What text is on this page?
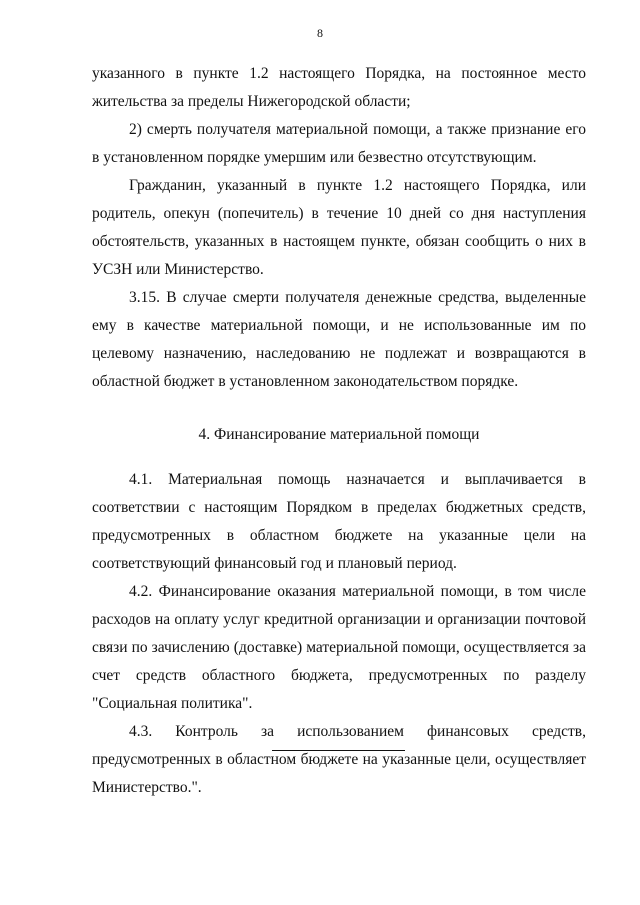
8

указанного в пункте 1.2 настоящего Порядка, на постоянное место жительства за пределы Нижегородской области;

2) смерть получателя материальной помощи, а также признание его в установленном порядке умершим или безвестно отсутствующим.

Гражданин, указанный в пункте 1.2 настоящего Порядка, или родитель, опекун (попечитель) в течение 10 дней со дня наступления обстоятельств, указанных в настоящем пункте, обязан сообщить о них в УСЗН или Министерство.

3.15. В случае смерти получателя денежные средства, выделенные ему в качестве материальной помощи, и не использованные им по целевому назначению, наследованию не подлежат и возвращаются в областной бюджет в установленном законодательством порядке.

4. Финансирование материальной помощи

4.1. Материальная помощь назначается и выплачивается в соответствии с настоящим Порядком в пределах бюджетных средств, предусмотренных в областном бюджете на указанные цели на соответствующий финансовый год и плановый период.

4.2. Финансирование оказания материальной помощи, в том числе расходов на оплату услуг кредитной организации и организации почтовой связи по зачислению (доставке) материальной помощи, осуществляется за счет средств областного бюджета, предусмотренных по разделу "Социальная политика".

4.3. Контроль за использованием финансовых средств, предусмотренных в областном бюджете на указанные цели, осуществляет Министерство.".
